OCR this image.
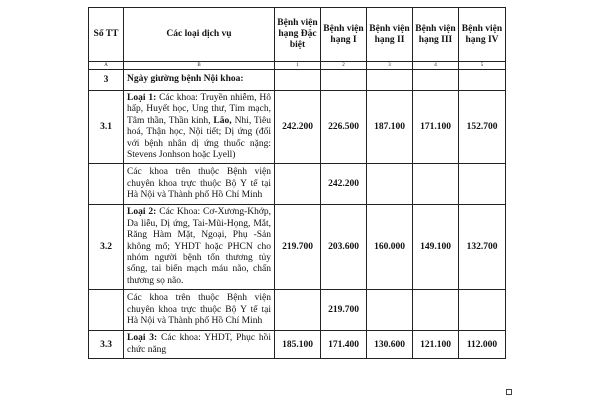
Số TT	Các loại dịch vụ	Bệnh viện hạng Đặc biệt	Bệnh viện hạng I	Bệnh viện hạng II	Bệnh viện hạng III	Bệnh viện hạng IV
A	B	1	2	3	4	5
3	Ngày giường bệnh Nội khoa:					
3.1	Loại 1: Các khoa: Truyền nhiễm, Hô hấp, Huyết học, Ung thư, Tim mạch, Tâm thần, Thần kinh, Lão, Nhi, Tiêu hoá, Thận học, Nội tiết; Dị ứng (đối với bệnh nhân dị ứng thuốc nặng: Stevens Jonhson hoặc Lyell)	242.200	226.500	187.100	171.100	152.700
	Các khoa trên thuộc Bệnh viện chuyên khoa trực thuộc Bộ Y tế tại Hà Nội và Thành phố Hồ Chí Minh		242.200			
3.2	Loại 2: Các Khoa: Cơ-Xương-Khớp, Da liễu, Dị ứng, Tai-Mũi-Họng, Mắt, Răng Hàm Mặt, Ngoại, Phụ -Sản không mổ; YHDT hoặc PHCN cho nhóm người bệnh tổn thương tủy sống, tai biến mạch máu não, chấn thương sọ não.	219.700	203.600	160.000	149.100	132.700
	Các khoa trên thuộc Bệnh viện chuyên khoa trực thuộc Bộ Y tế tại Hà Nội và Thành phố Hồ Chí Minh		219.700			
3.3	Loại 3: Các khoa: YHDT, Phục hồi chức năng	185.100	171.400	130.600	121.100	112.000
